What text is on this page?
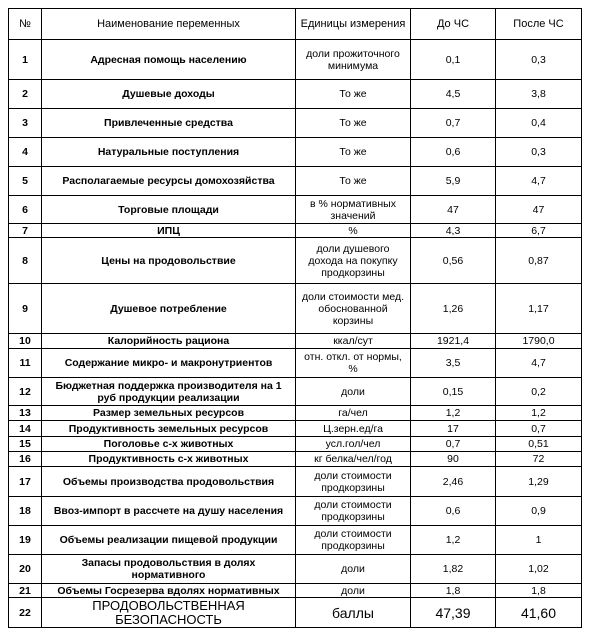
№	Наименование переменных	Единицы измерения	До ЧС	После ЧС
1	Адресная помощь населению	доли прожиточного минимума	0,1	0,3
2	Душевые доходы	То же	4,5	3,8
3	Привлеченные средства	То же	0,7	0,4
4	Натуральные поступления	То же	0,6	0,3
5	Располагаемые ресурсы домохозяйства	То же	5,9	4,7
6	Торговые площади	в % нормативных значений	47	47
7	ИПЦ	%	4,3	6,7
8	Цены на продовольствие	доли душевого дохода на покупку продкорзины	0,56	0,87
9	Душевое потребление	доли стоимости мед. обоснованной корзины	1,26	1,17
10	Калорийность рациона	ккал/сут	1921,4	1790,0
11	Содержание микро- и макронутриентов	отн. откл. от нормы, %	3,5	4,7
12	Бюджетная поддержка производителя на 1 руб продукции реализации	доли	0,15	0,2
13	Размер земельных ресурсов	га/чел	1,2	1,2
14	Продуктивность земельных ресурсов	Ц.зерн.ед/га	17	0,7
15	Поголовье с-х животных	усл.гол/чел	0,7	0,51
16	Продуктивность с-х животных	кг белка/чел/год	90	72
17	Объемы производства продовольствия	доли стоимости продкорзины	2,46	1,29
18	Ввоз-импорт в рассчете на душу населения	доли стоимости продкорзины	0,6	0,9
19	Объемы реализации пищевой продукции	доли стоимости продкорзины	1,2	1
20	Запасы продовольствия в долях нормативного	доли	1,82	1,02
21	Объемы Госрезерва вдолях нормативных	доли	1,8	1,8
22	ПРОДОВОЛЬСТВЕННАЯ БЕЗОПАСНОСТЬ	баллы	47,39	41,60
